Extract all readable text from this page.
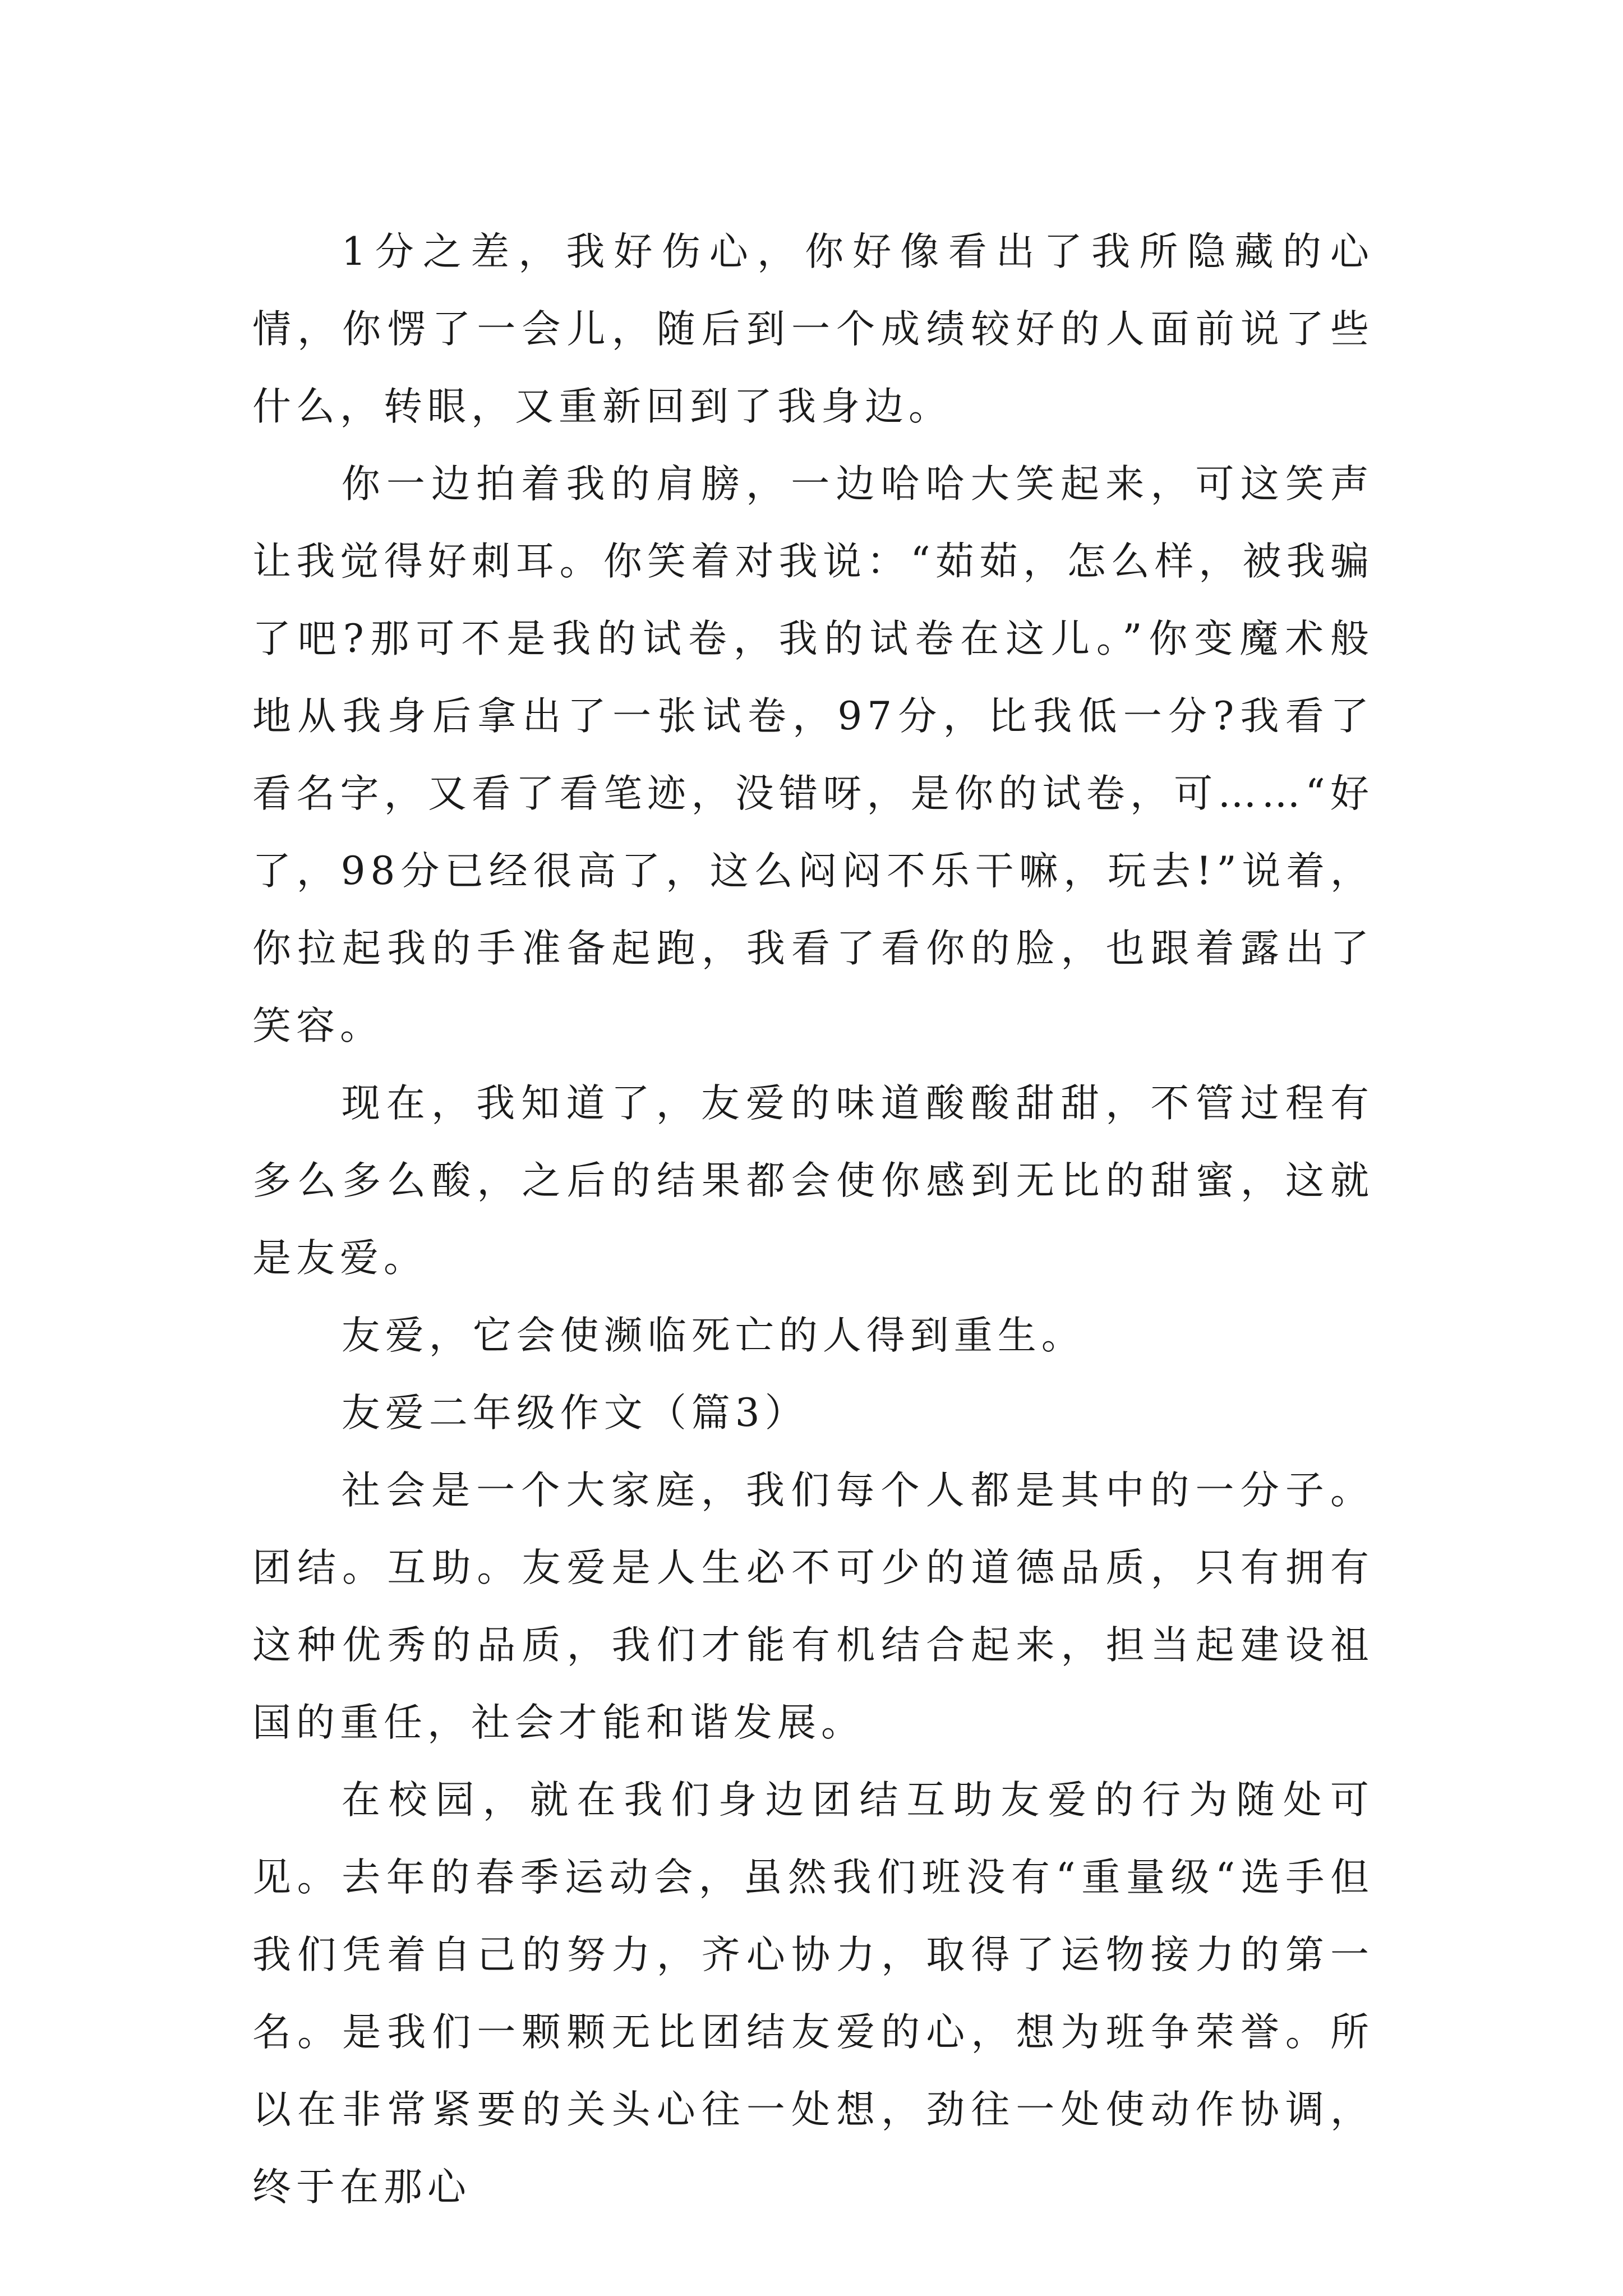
1分之差，我好伤心，你好像看出了我所隐藏的心情，你愣了一会儿，随后到一个成绩较好的人面前说了些什么，转眼，又重新回到了我身边。

你一边拍着我的肩膀，一边哈哈大笑起来，可这笑声让我觉得好刺耳。你笑着对我说：“茹茹，怎么样，被我骗了吧?那可不是我的试卷，我的试卷在这儿。”你变魔术般地从我身后拿出了一张试卷，97分，比我低一分?我看了看名字，又看了看笔迹，没错呀，是你的试卷，可……“好了，98分已经很高了，这么闷闷不乐干嘛，玩去!”说着，你拉起我的手准备起跑，我看了看你的脸，也跟着露出了笑容。

现在，我知道了，友爱的味道酸酸甜甜，不管过程有多么多么酸，之后的结果都会使你感到无比的甜蜜，这就是友爱。

友爱，它会使濒临死亡的人得到重生。

友爱二年级作文（篇3）

社会是一个大家庭，我们每个人都是其中的一分子。团结。互助。友爱是人生必不可少的道德品质，只有拥有这种优秀的品质，我们才能有机结合起来，担当起建设祖国的重任，社会才能和谐发展。

在校园，就在我们身边团结互助友爱的行为随处可见。去年的春季运动会，虽然我们班没有“重量级“选手但我们凭着自己的努力，齐心协力，取得了运物接力的第一名。是我们一颗颗无比团结友爱的心，想为班争荣誉。所以在非常紧要的关头心往一处想，劲往一处使动作协调，终于在那心
